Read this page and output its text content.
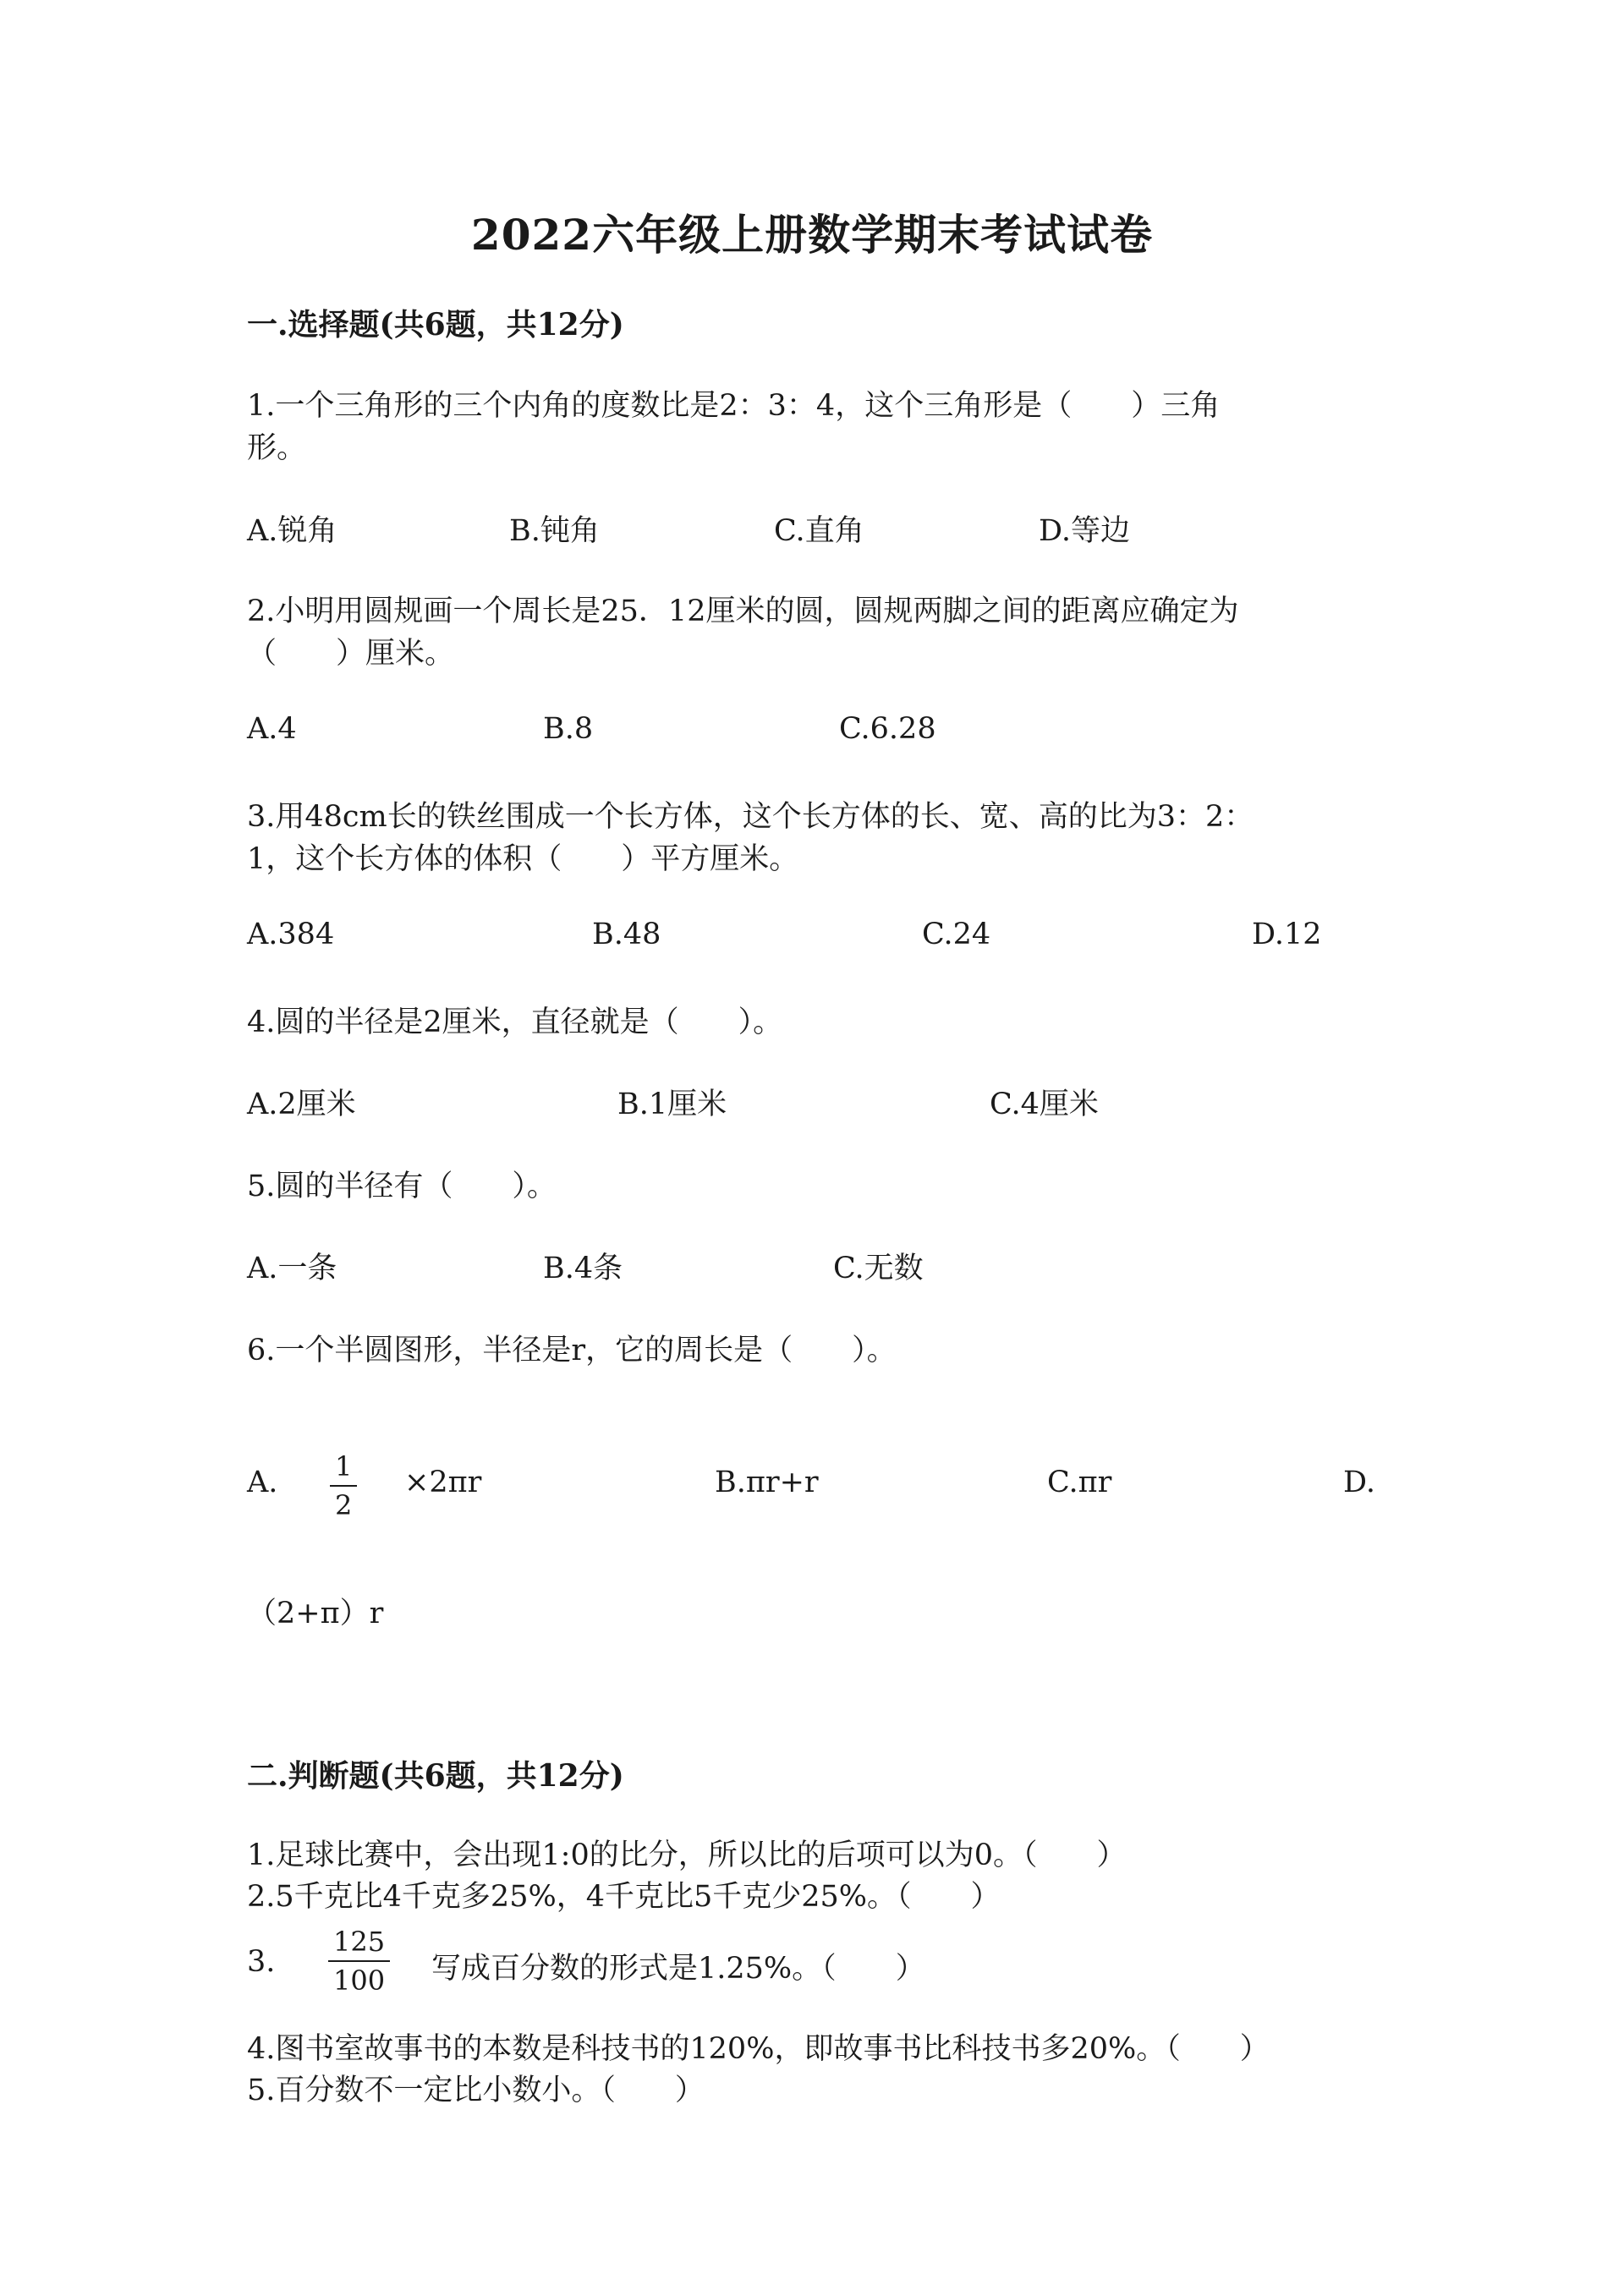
2022六年级上册数学期末考试试卷
一.选择题(共6题，共12分)
1.一个三角形的三个内角的度数比是2：3：4，这个三角形是（　　）三角
形。
A.锐角	B.钝角	C.直角	D.等边
2.小明用圆规画一个周长是25．12厘米的圆，圆规两脚之间的距离应确定为
（　　）厘米。
A.4	B.8	C.6.28
3.用48cm长的铁丝围成一个长方体，这个长方体的长、宽、高的比为3：2：
1，这个长方体的体积（　　）平方厘米。
A.384	B.48	C.24	D.12
4.圆的半径是2厘米，直径就是（　　）。
A.2厘米	B.1厘米	C.4厘米
5.圆的半径有（　　）。
A.一条	B.4条	C.无数
6.一个半圆图形，半径是r，它的周长是（　　）。
A. 1
2
×2πr	B.πr+r	C.πr	D.
（2+π）r
二.判断题(共6题，共12分)
1.足球比赛中，会出现1:0的比分，所以比的后项可以为0。（　　）
2.5千克比4千克多25%，4千克比5千克少25%。（　　）
3.
125
100 写成百分数的形式是1.25%。（　　）
4.图书室故事书的本数是科技书的120%，即故事书比科技书多20%。（　　）
5.百分数不一定比小数小。（　　）
